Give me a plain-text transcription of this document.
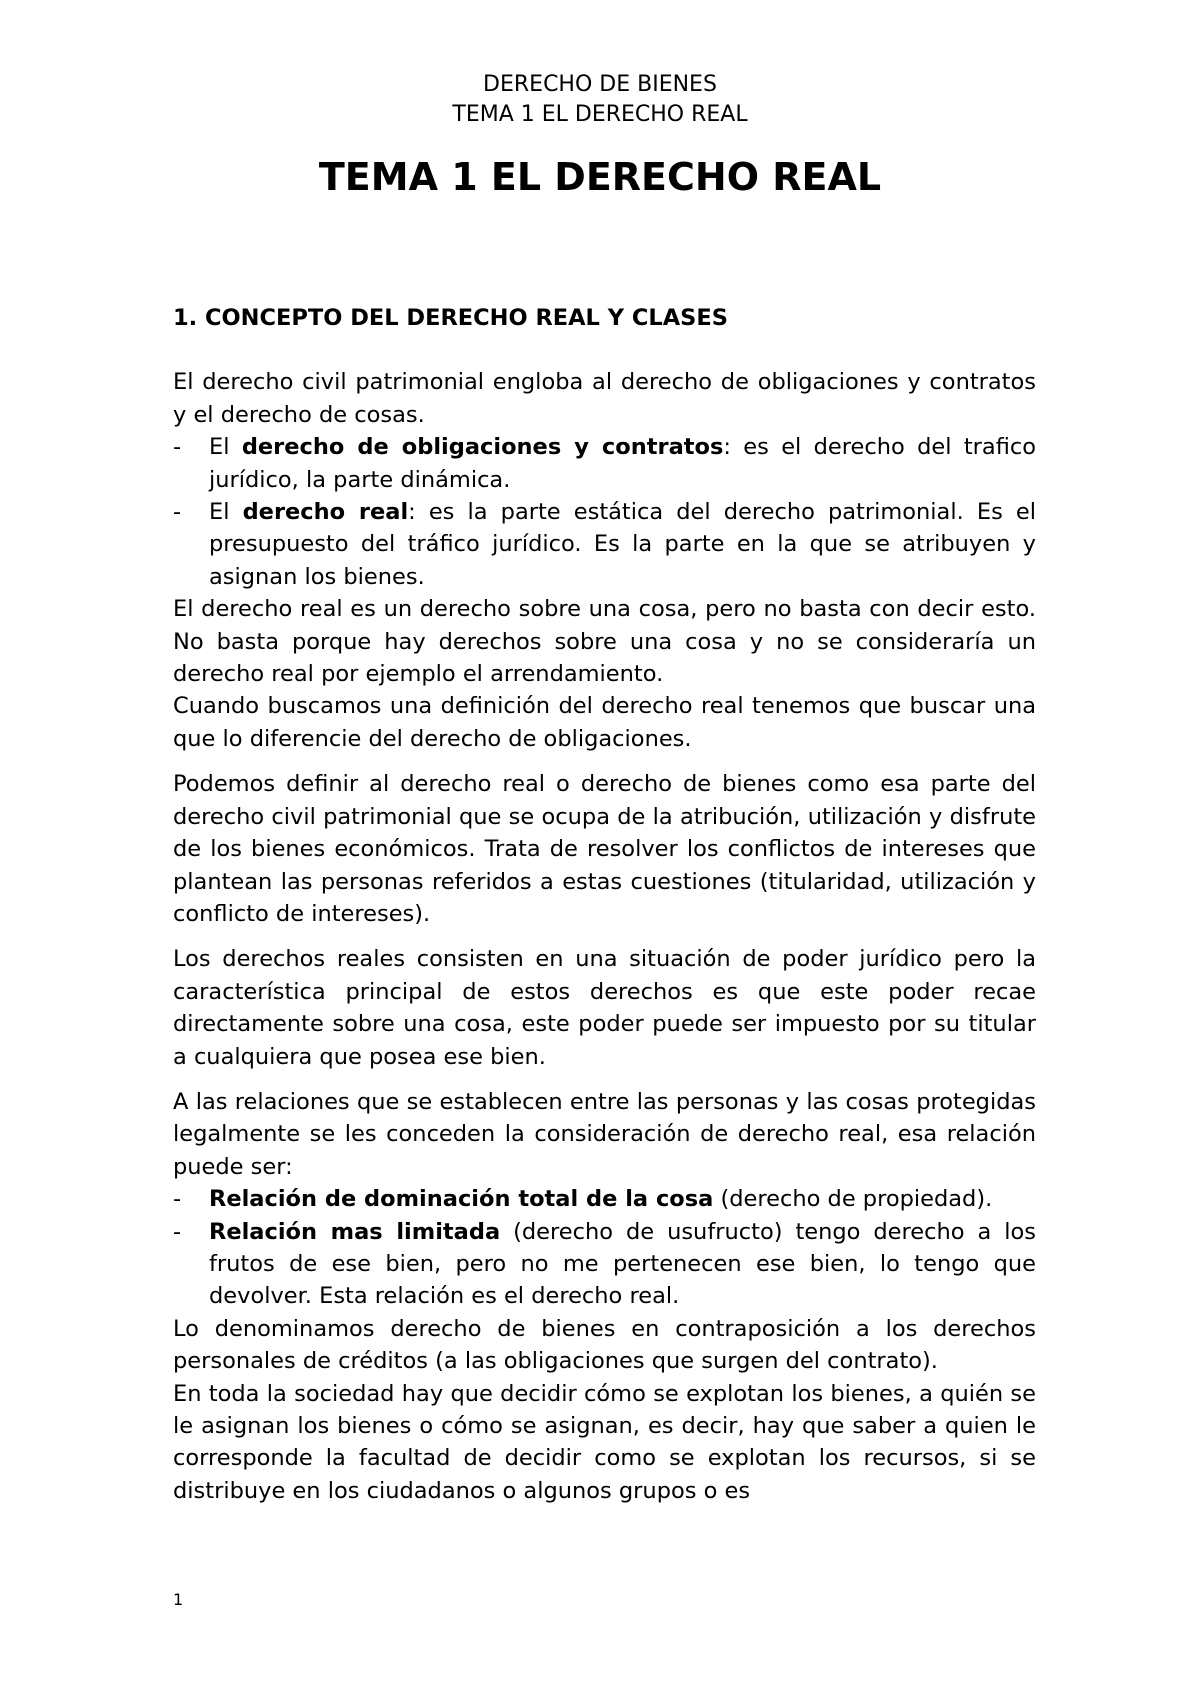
DERECHO DE BIENES
TEMA 1 EL DERECHO REAL
TEMA 1 EL DERECHO REAL

1. CONCEPTO DEL DERECHO REAL Y CLASES

El derecho civil patrimonial engloba al derecho de obligaciones y contratos y el derecho de cosas.

- El derecho de obligaciones y contratos: es el derecho del trafico jurídico, la parte dinámica.

- El derecho real: es la parte estática del derecho patrimonial. Es el presupuesto del tráfico jurídico. Es la parte en la que se atribuyen y asignan los bienes.

El derecho real es un derecho sobre una cosa, pero no basta con decir esto. No basta porque hay derechos sobre una cosa y no se consideraría un derecho real por ejemplo el arrendamiento.

Cuando buscamos una definición del derecho real tenemos que buscar una que lo diferencie del derecho de obligaciones.

Podemos definir al derecho real o derecho de bienes como esa parte del derecho civil patrimonial que se ocupa de la atribución, utilización y disfrute de los bienes económicos. Trata de resolver los conflictos de intereses que plantean las personas referidos a estas cuestiones (titularidad, utilización y conflicto de intereses).

Los derechos reales consisten en una situación de poder jurídico pero la característica principal de estos derechos es que este poder recae directamente sobre una cosa, este poder puede ser impuesto por su titular a cualquiera que posea ese bien.

A las relaciones que se establecen entre las personas y las cosas protegidas legalmente se les conceden la consideración de derecho real, esa relación puede ser:

- Relación de dominación total de la cosa (derecho de propiedad).

- Relación mas limitada (derecho de usufructo) tengo derecho a los frutos de ese bien, pero no me pertenecen ese bien, lo tengo que devolver. Esta relación es el derecho real.

Lo denominamos derecho de bienes en contraposición a los derechos personales de créditos (a las obligaciones que surgen del contrato).

En toda la sociedad hay que decidir cómo se explotan los bienes, a quién se le asignan los bienes o cómo se asignan, es decir, hay que saber a quien le corresponde la facultad de decidir como se explotan los recursos, si se distribuye en los ciudadanos o algunos grupos o es

1
